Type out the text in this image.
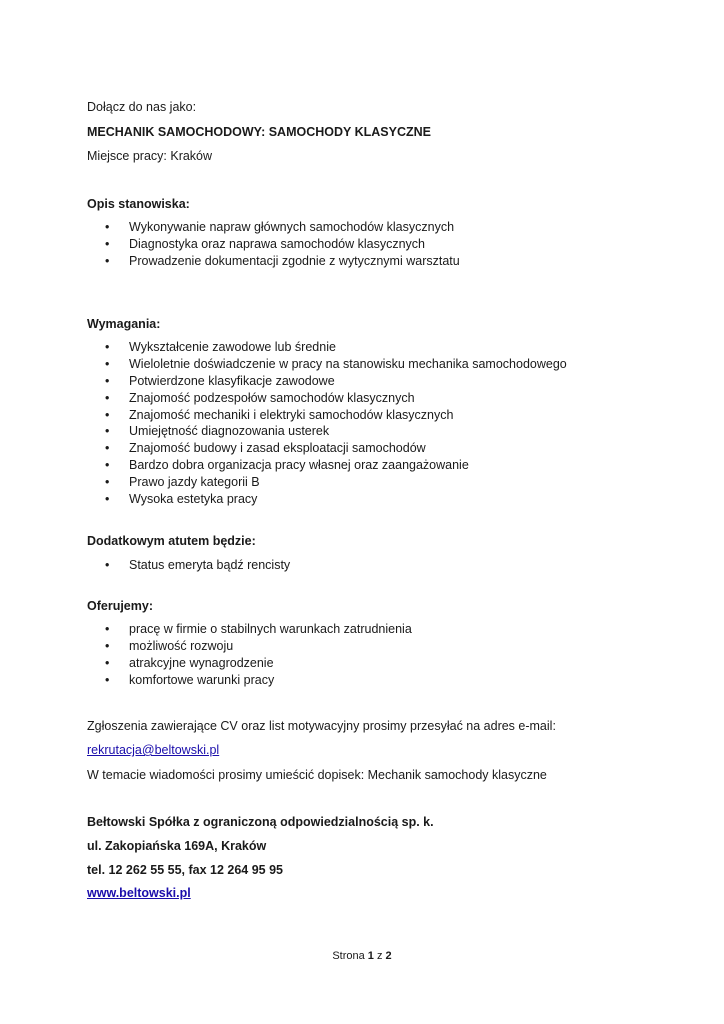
Dołącz do nas jako:
MECHANIK SAMOCHODOWY: SAMOCHODY KLASYCZNE
Miejsce pracy: Kraków
Opis stanowiska:
• Wykonywanie napraw głównych samochodów klasycznych
• Diagnostyka oraz naprawa samochodów klasycznych
• Prowadzenie dokumentacji zgodnie z wytycznymi warsztatu
Wymagania:
• Wykształcenie zawodowe lub średnie
• Wieloletnie doświadczenie w pracy na stanowisku mechanika samochodowego
• Potwierdzone klasyfikacje zawodowe
• Znajomość podzespołów samochodów klasycznych
• Znajomość mechaniki i elektryki samochodów klasycznych
• Umiejętność diagnozowania usterek
• Znajomość budowy i zasad eksploatacji samochodów
• Bardzo dobra organizacja pracy własnej oraz zaangażowanie
• Prawo jazdy kategorii B
• Wysoka estetyka pracy
Dodatkowym atutem będzie:
• Status emeryta bądź rencisty
Oferujemy:
• pracę w firmie o stabilnych warunkach zatrudnienia
• możliwość rozwoju
• atrakcyjne wynagrodzenie
• komfortowe warunki pracy
Zgłoszenia zawierające CV oraz list motywacyjny prosimy przesyłać na adres e-mail:
rekrutacja@beltowski.pl
W temacie wiadomości prosimy umieścić dopisek: Mechanik samochody klasyczne
Bełtowski Spółka z ograniczoną odpowiedzialnością sp. k.
ul. Zakopiańska 169A, Kraków
tel. 12 262 55 55, fax 12 264 95 95
www.beltowski.pl
Strona 1 z 2
